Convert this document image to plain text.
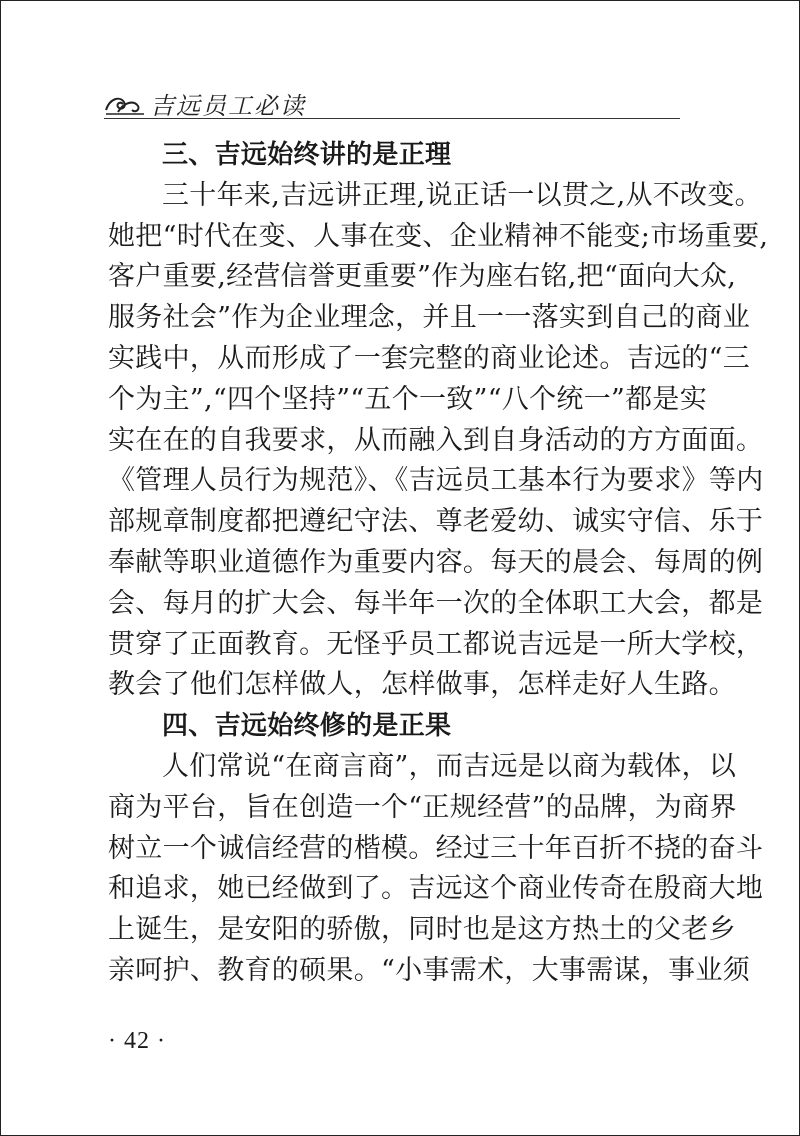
吉远员工必读
三、吉远始终讲的是正理
三十年来,吉远讲正理,说正话一以贯之,从不改变。
她把“时代在变、人事在变、企业精神不能变;市场重要,
客户重要,经营信誉更重要”作为座右铭,把“面向大众,
服务社会”作为企业理念，并且一一落实到自己的商业
实践中，从而形成了一套完整的商业论述。吉远的“三
个为主”,“四个坚持”“五个一致”“八个统一”都是实
实在在的自我要求，从而融入到自身活动的方方面面。
《管理人员行为规范》、《吉远员工基本行为要求》等内
部规章制度都把遵纪守法、尊老爱幼、诚实守信、乐于
奉献等职业道德作为重要内容。每天的晨会、每周的例
会、每月的扩大会、每半年一次的全体职工大会，都是
贯穿了正面教育。无怪乎员工都说吉远是一所大学校，
教会了他们怎样做人，怎样做事，怎样走好人生路。
四、吉远始终修的是正果
人们常说“在商言商”，而吉远是以商为载体，以
商为平台，旨在创造一个“正规经营”的品牌，为商界
树立一个诚信经营的楷模。经过三十年百折不挠的奋斗
和追求，她已经做到了。吉远这个商业传奇在殷商大地
上诞生，是安阳的骄傲，同时也是这方热土的父老乡
亲呵护、教育的硕果。“小事需术，大事需谋，事业须
· 42 ·
